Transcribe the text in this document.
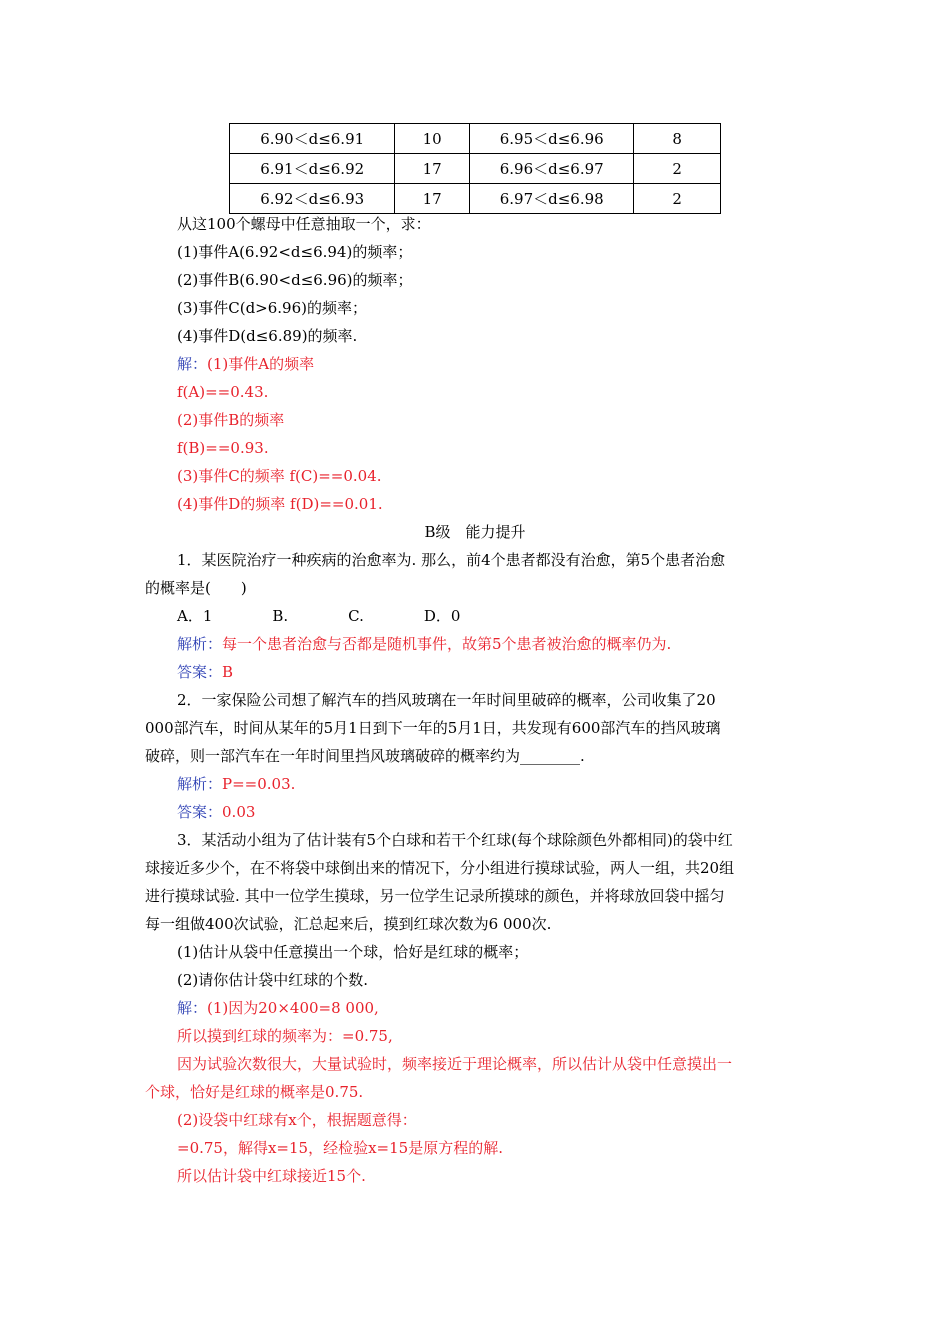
6.90＜d≤6.91	10	6.95＜d≤6.96	8
6.91＜d≤6.92	17	6.96＜d≤6.97	2
6.92＜d≤6.93	17	6.97＜d≤6.98	2
从这100个螺母中任意抽取一个，求：
(1)事件A(6.92<d≤6.94)的频率；
(2)事件B(6.90<d≤6.96)的频率；
(3)事件C(d>6.96)的频率；
(4)事件D(d≤6.89)的频率.
解：(1)事件A的频率
f(A)==0.43.
(2)事件B的频率
f(B)==0.93.
(3)事件C的频率 f(C)==0.04.
(4)事件D的频率 f(D)==0.01.
B级　能力提升
1．某医院治疗一种疾病的治愈率为. 那么，前4个患者都没有治愈，第5个患者治愈
的概率是(　　)
A．1　　　　B.　　　　C.　　　　D．0
解析：每一个患者治愈与否都是随机事件，故第5个患者被治愈的概率仍为.
答案：B
2．一家保险公司想了解汽车的挡风玻璃在一年时间里破碎的概率，公司收集了20
000部汽车，时间从某年的5月1日到下一年的5月1日，共发现有600部汽车的挡风玻璃
破碎，则一部汽车在一年时间里挡风玻璃破碎的概率约为________.
解析：P==0.03.
答案：0.03
3．某活动小组为了估计装有5个白球和若干个红球(每个球除颜色外都相同)的袋中红
球接近多少个，在不将袋中球倒出来的情况下，分小组进行摸球试验，两人一组，共20组
进行摸球试验. 其中一位学生摸球，另一位学生记录所摸球的颜色，并将球放回袋中摇匀
每一组做400次试验，汇总起来后，摸到红球次数为6 000次.
(1)估计从袋中任意摸出一个球，恰好是红球的概率；
(2)请你估计袋中红球的个数.
解：(1)因为20×400=8 000,
所以摸到红球的频率为：=0.75,
因为试验次数很大，大量试验时，频率接近于理论概率，所以估计从袋中任意摸出一
个球，恰好是红球的概率是0.75.
(2)设袋中红球有x个，根据题意得：
=0.75，解得x=15，经检验x=15是原方程的解.
所以估计袋中红球接近15个.
